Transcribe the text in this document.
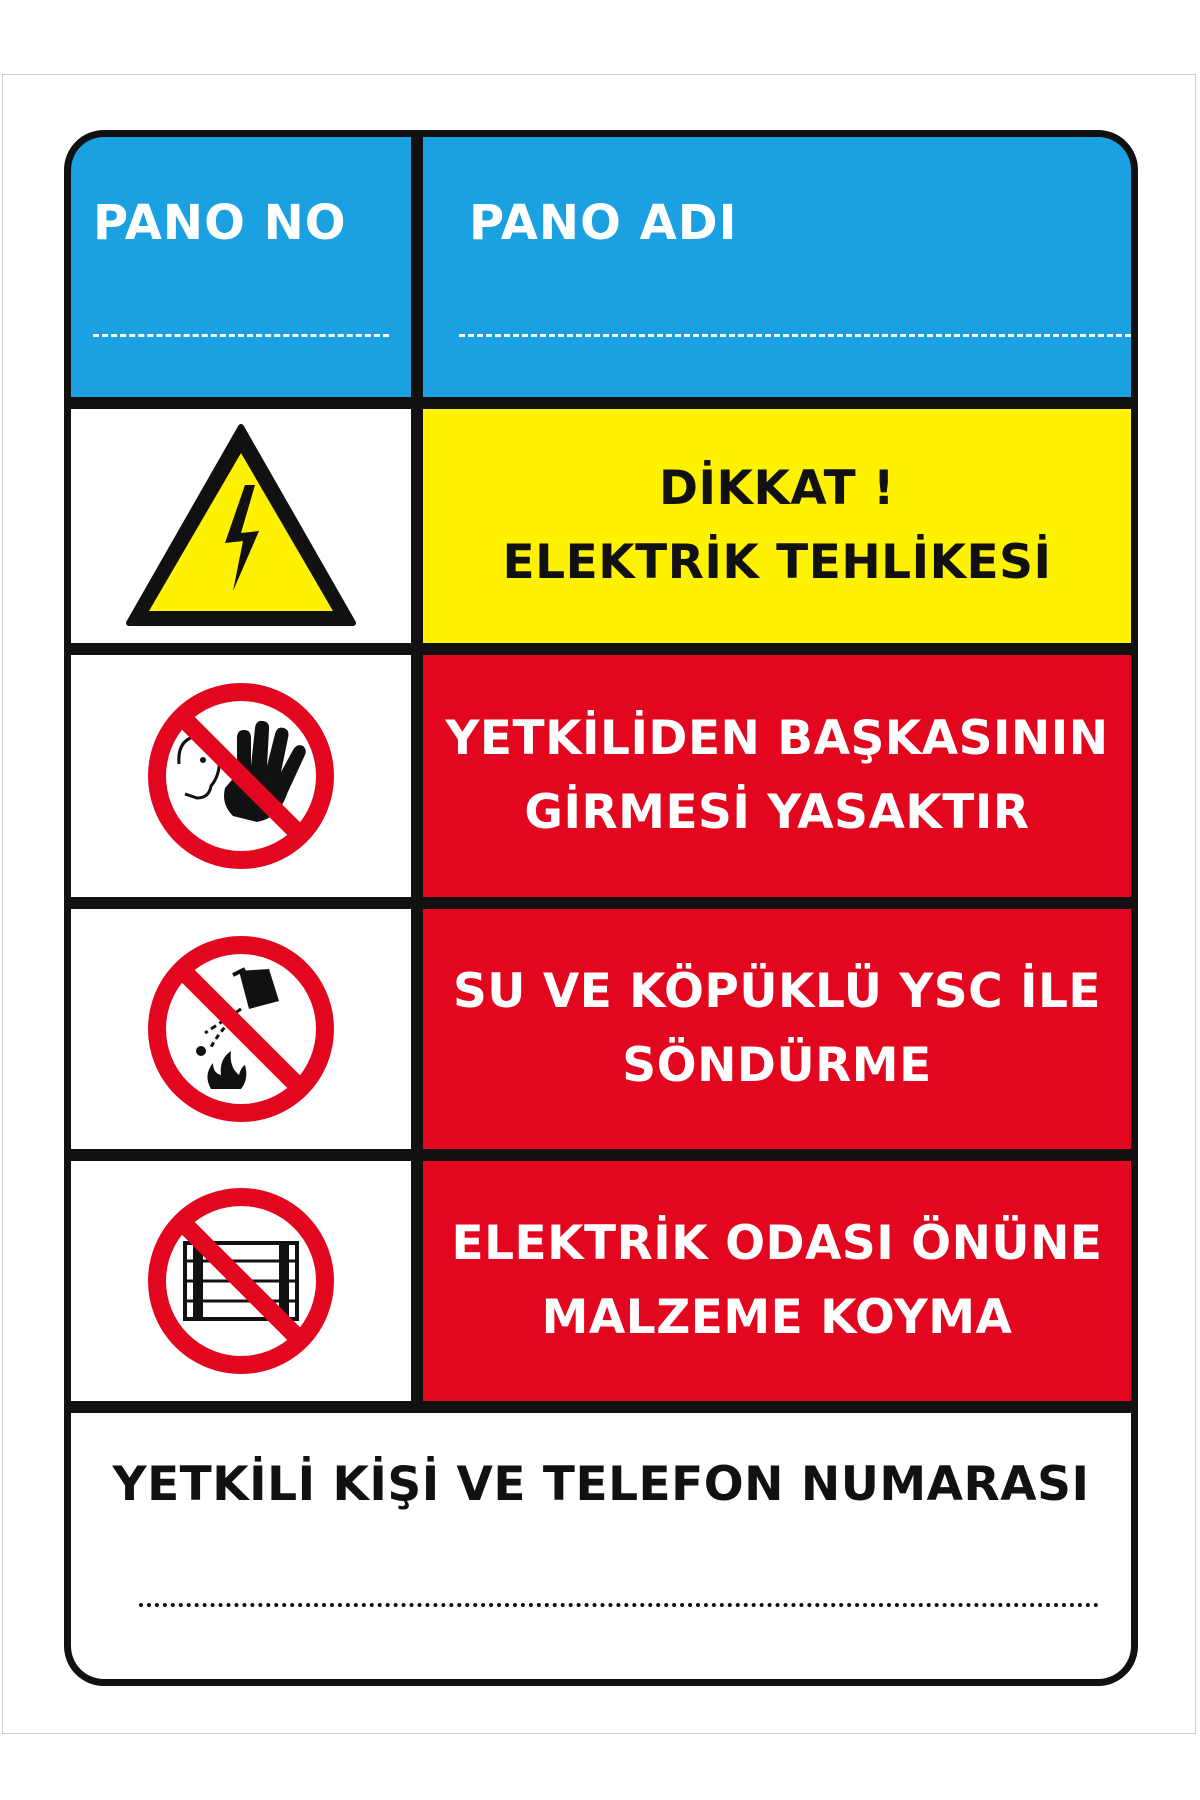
PANO NO	PANO ADI
DİKKAT !
ELEKTRİK TEHLİKESİ
YETKİLİDEN BAŞKASININ
GİRMESİ YASAKTIR
SU VE KÖPÜKLÜ YSC İLE
SÖNDÜRME
ELEKTRİK ODASI ÖNÜNE
MALZEME KOYMA
YETKİLİ KİŞİ VE TELEFON NUMARASI
